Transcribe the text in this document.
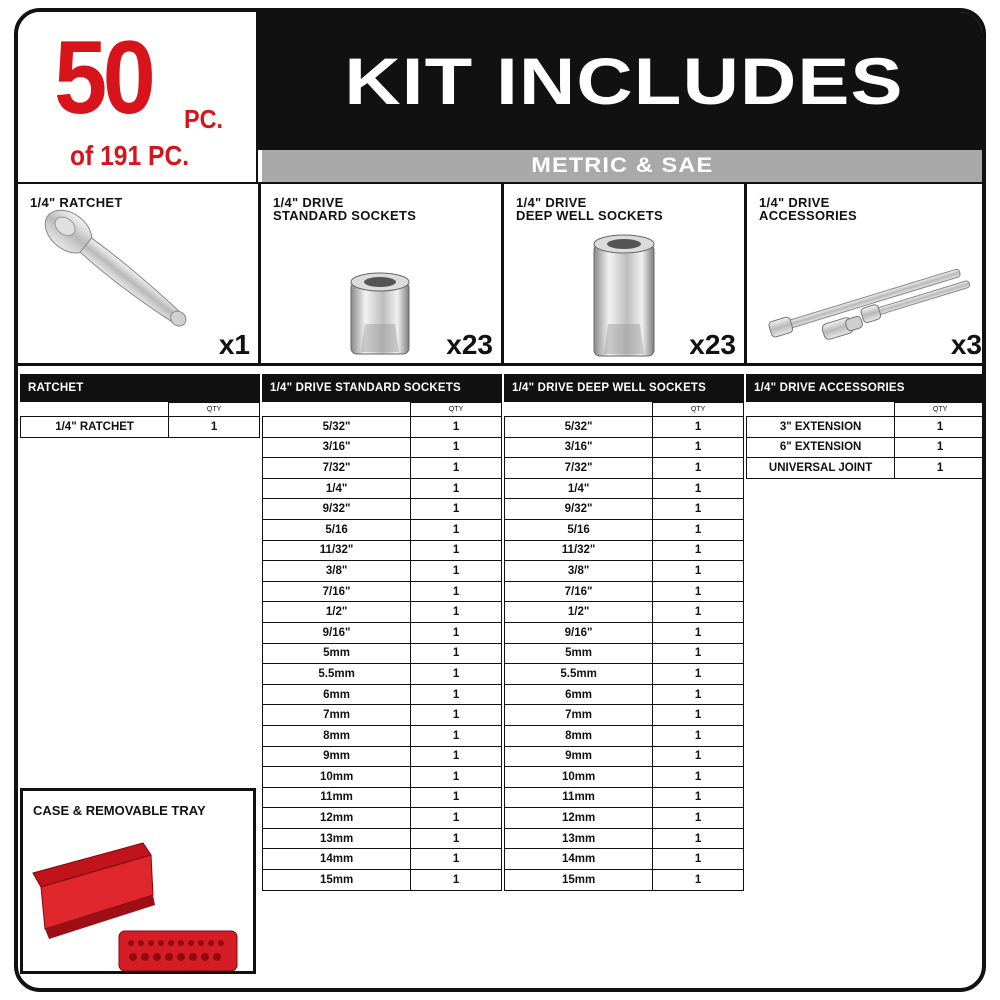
50 PC.
of 191 PC.
KIT INCLUDES
METRIC & SAE
1/4" RATCHET
x1
1/4" DRIVE
STANDARD SOCKETS
x23
1/4" DRIVE
DEEP WELL SOCKETS
x23
1/4" DRIVE
ACCESSORIES
x3
RATCHET
	QTY
1/4" RATCHET	1
1/4" DRIVE STANDARD SOCKETS
	QTY
5/32"	1
3/16"	1
7/32"	1
1/4"	1
9/32"	1
5/16	1
11/32"	1
3/8"	1
7/16"	1
1/2"	1
9/16"	1
5mm	1
5.5mm	1
6mm	1
7mm	1
8mm	1
9mm	1
10mm	1
11mm	1
12mm	1
13mm	1
14mm	1
15mm	1
1/4" DRIVE DEEP WELL SOCKETS
	QTY
5/32"	1
3/16"	1
7/32"	1
1/4"	1
9/32"	1
5/16	1
11/32"	1
3/8"	1
7/16"	1
1/2"	1
9/16"	1
5mm	1
5.5mm	1
6mm	1
7mm	1
8mm	1
9mm	1
10mm	1
11mm	1
12mm	1
13mm	1
14mm	1
15mm	1
1/4" DRIVE ACCESSORIES
	QTY
3" EXTENSION	1
6" EXTENSION	1
UNIVERSAL JOINT	1
CASE & REMOVABLE TRAY
